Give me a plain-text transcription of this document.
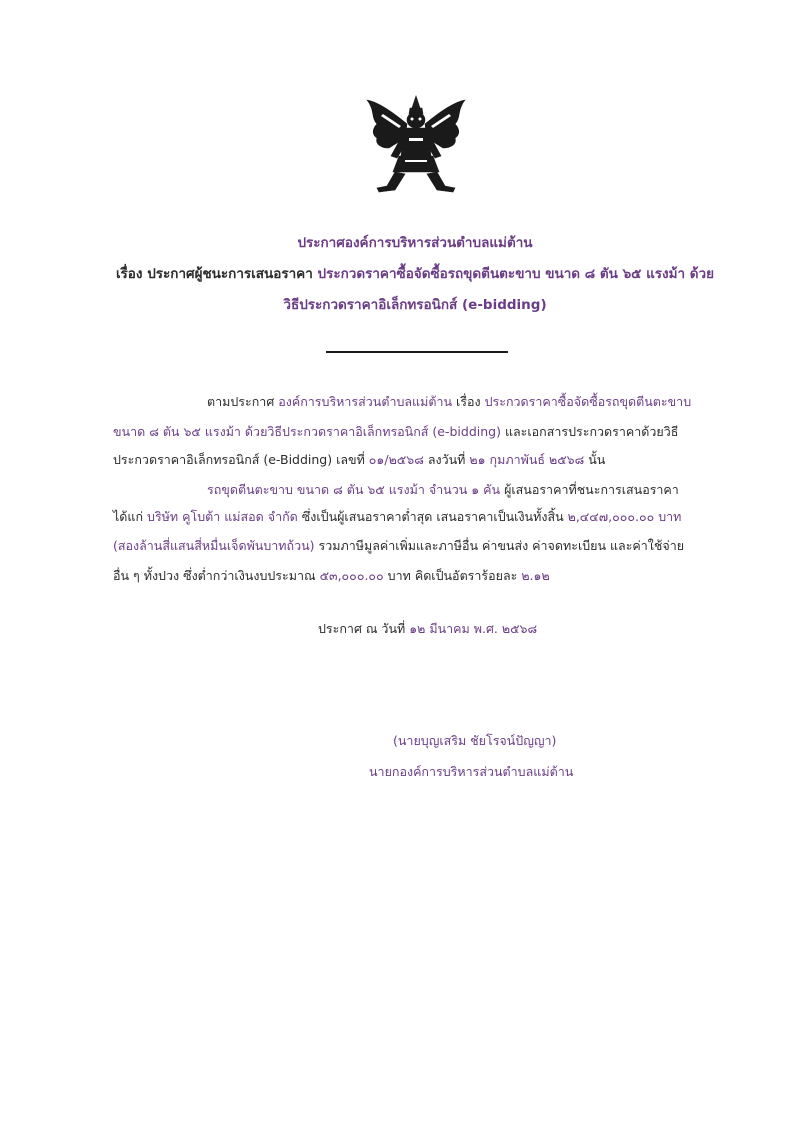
ประกาศองค์การบริหารส่วนตำบลแม่ต้าน
เรื่อง ประกาศผู้ชนะการเสนอราคา ประกวดราคาซื้อจัดซื้อรถขุดตีนตะขาบ ขนาด ๘ ตัน ๖๕ แรงม้า ด้วย
วิธีประกวดราคาอิเล็กทรอนิกส์ (e-bidding)
ตามประกาศ องค์การบริหารส่วนตำบลแม่ต้าน เรื่อง ประกวดราคาซื้อจัดซื้อรถขุดตีนตะขาบ
ขนาด ๘ ตัน ๖๕ แรงม้า ด้วยวิธีประกวดราคาอิเล็กทรอนิกส์ (e-bidding) และเอกสารประกวดราคาด้วยวิธี
ประกวดราคาอิเล็กทรอนิกส์ (e-Bidding) เลขที่ ๐๑/๒๕๖๘ ลงวันที่ ๒๑ กุมภาพันธ์ ๒๕๖๘ นั้น
รถขุดตีนตะขาบ ขนาด ๘ ตัน ๖๕ แรงม้า จำนวน ๑ คัน ผู้เสนอราคาที่ชนะการเสนอราคา
ได้แก่ บริษัท คูโบต้า แม่สอด จำกัด ซึ่งเป็นผู้เสนอราคาต่ำสุด เสนอราคาเป็นเงินทั้งสิ้น ๒,๔๔๗,๐๐๐.๐๐ บาท
(สองล้านสี่แสนสี่หมื่นเจ็ดพันบาทถ้วน) รวมภาษีมูลค่าเพิ่มและภาษีอื่น ค่าขนส่ง ค่าจดทะเบียน และค่าใช้จ่าย
อื่น ๆ ทั้งปวง ซึ่งต่ำกว่าเงินงบประมาณ ๕๓,๐๐๐.๐๐ บาท คิดเป็นอัตราร้อยละ ๒.๑๒
ประกาศ ณ วันที่ ๑๒ มีนาคม พ.ศ. ๒๕๖๘
(นายบุญเสริม ชัยโรจน์ปัญญา)
นายกองค์การบริหารส่วนตำบลแม่ต้าน
